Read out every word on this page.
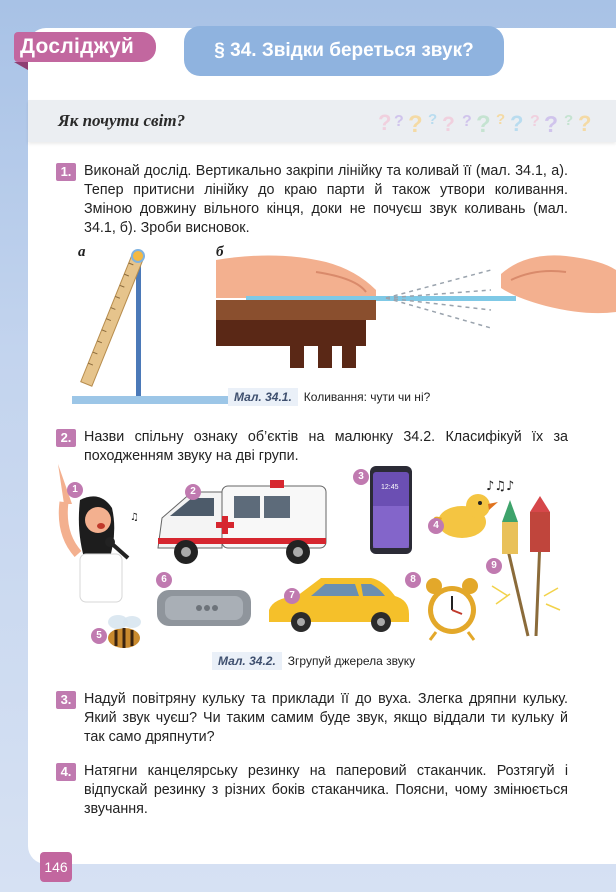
Досліджуй	§ 34. Звідки береться звук?
Як почути світ?	? ? ? ? ? ? ? ? ? ? ? ? ?
1. Виконай дослід. Вертикально закріпи лінійку та коливай її (мал. 34.1, а). Тепер притисни лінійку до краю парти й також утвори коливання. Зміною довжину вільного кінця, доки не почуєш звук коливань (мал. 34.1, б). Зроби висновок.
а	б
Мал. 34.1. Коливання: чути чи ні?
2. Назви спільну ознаку об’єктів на малюнку 34.2. Класифікуй їх за походженням звуку на дві групи.
♫
1	2	12:45
3
♪♫♪
4
9
5
6
7
8
Мал. 34.2. Згрупуй джерела звуку
3. Надуй повітряну кульку та приклади її до вуха. Злегка дряпни кульку. Який звук чуєш? Чи таким самим буде звук, якщо віддали ти кульку й так само дряпнути?
4. Натягни канцелярську резинку на паперовий стаканчик. Розтягуй і відпускай резинку з різних боків стаканчика. Поясни, чому змінюється звучання.
146
